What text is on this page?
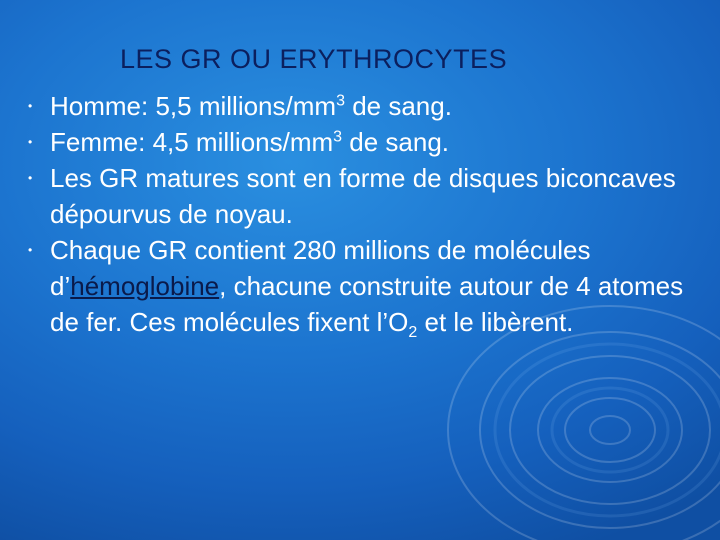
LES GR OU ERYTHROCYTES
• Homme: 5,5 millions/$mm^3$ de sang.
• Femme: 4,5 millions/$mm^3$ de sang.
• Les GR matures sont en forme de disques biconcaves dépourvus de noyau.
• Chaque GR contient 280 millions de molécules d’hémoglobine, chacune construite autour de 4 atomes de fer. Ces molécules fixent $l’O_2$ et le libèrent.
